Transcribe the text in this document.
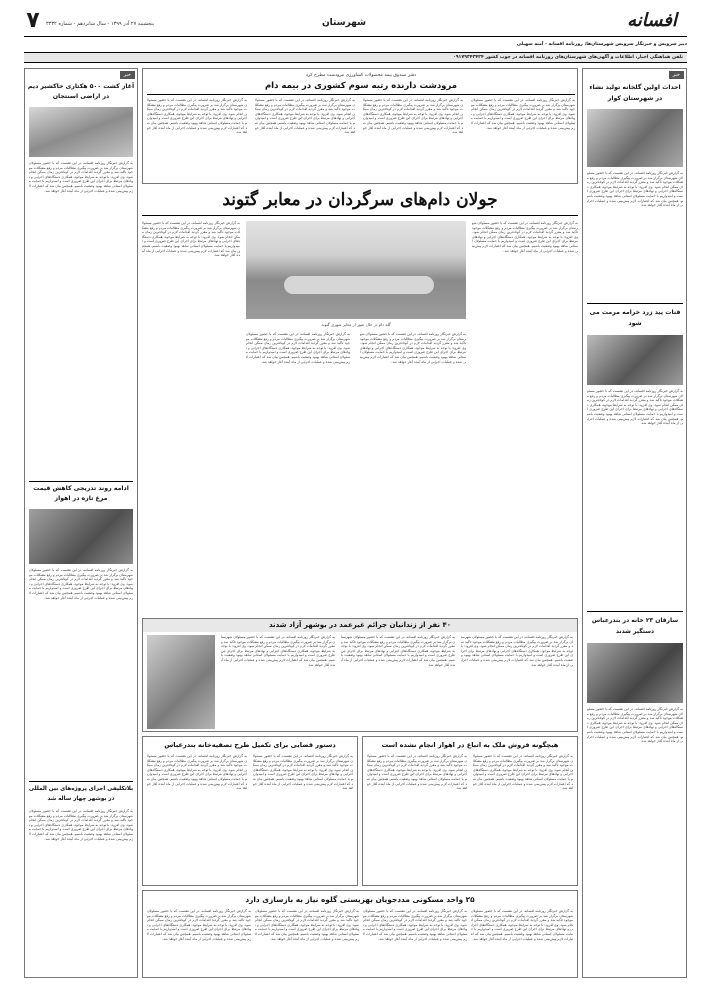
۷	پنجشنبه ۲۷ آذر ۱۳۹۹ - سال شانزدهم - شماره ۳۳۳۲	شهرستان	افسانه
دبیر سرویس و خبرنگار سرویس شهرستان‌ها: روزنامه افسانه - آمنه سهیلی
تلفن هماهنگی اخبار، اطلاعات و آگهی‌های شهرستان‌های روزنامه افسانه در چوب کشور ۰۹۱۷۹۳۴۳۴۲۴
خبر
آغاز کشت ۵۰۰ هکتاری خاکشیر دیم در اراضی اسنتجان
به گزارش خبرنگار روزنامه افسانه، در این نشست که با حضور مسئولان شهرستان برگزار شد بر ضرورت پیگیری مطالبات مردم و رفع مشکلات موجود تاکید شد و مقرر گردید اقدامات لازم در کوتاه‌ترین زمان ممکن انجام شود. وی افزود: با توجه به شرایط موجود، همکاری دستگاه‌های اجرایی و نهادهای مرتبط برای اجرای این طرح ضروری است و امیدواریم با حمایت مسئولان استانی شاهد بهبود وضعیت باشیم. همچنین بیان شد که اعتبارات لازم پیش‌بینی شده و عملیات اجرایی از ماه آینده آغاز خواهد شد.
ادامه روند تدریجی کاهش قیمت مرغ تازه در اهواز
به گزارش خبرنگار روزنامه افسانه، در این نشست که با حضور مسئولان شهرستان برگزار شد بر ضرورت پیگیری مطالبات مردم و رفع مشکلات موجود تاکید شد و مقرر گردید اقدامات لازم در کوتاه‌ترین زمان ممکن انجام شود. وی افزود: با توجه به شرایط موجود، همکاری دستگاه‌های اجرایی و نهادهای مرتبط برای اجرای این طرح ضروری است و امیدواریم با حمایت مسئولان استانی شاهد بهبود وضعیت باشیم. همچنین بیان شد که اعتبارات لازم پیش‌بینی شده و عملیات اجرایی از ماه آینده آغاز خواهد شد.
بلاتکلیفی اجرای پروژه‌های بین المللی در بوشهر چهار ساله شد
به گزارش خبرنگار روزنامه افسانه، در این نشست که با حضور مسئولان شهرستان برگزار شد بر ضرورت پیگیری مطالبات مردم و رفع مشکلات موجود تاکید شد و مقرر گردید اقدامات لازم در کوتاه‌ترین زمان ممکن انجام شود. وی افزود: با توجه به شرایط موجود، همکاری دستگاه‌های اجرایی و نهادهای مرتبط برای اجرای این طرح ضروری است و امیدواریم با حمایت مسئولان استانی شاهد بهبود وضعیت باشیم. همچنین بیان شد که اعتبارات لازم پیش‌بینی شده و عملیات اجرایی از ماه آینده آغاز خواهد شد.
خبر
احداث اولین گلخانه تولید نشاء در شهرستان کوار
به گزارش خبرنگار روزنامه افسانه، در این نشست که با حضور مسئولان شهرستان برگزار شد بر ضرورت پیگیری مطالبات مردم و رفع مشکلات موجود تاکید شد و مقرر گردید اقدامات لازم در کوتاه‌ترین زمان ممکن انجام شود. وی افزود: با توجه به شرایط موجود، همکاری دستگاه‌های اجرایی و نهادهای مرتبط برای اجرای این طرح ضروری است و امیدواریم با حمایت مسئولان استانی شاهد بهبود وضعیت باشیم. همچنین بیان شد که اعتبارات لازم پیش‌بینی شده و عملیات اجرایی از ماه آینده آغاز خواهد شد.
قنات پید زرد خرامه مرمت می شود
به گزارش خبرنگار روزنامه افسانه، در این نشست که با حضور مسئولان شهرستان برگزار شد بر ضرورت پیگیری مطالبات مردم و رفع مشکلات موجود تاکید شد و مقرر گردید اقدامات لازم در کوتاه‌ترین زمان ممکن انجام شود. وی افزود: با توجه به شرایط موجود، همکاری دستگاه‌های اجرایی و نهادهای مرتبط برای اجرای این طرح ضروری است و امیدواریم با حمایت مسئولان استانی شاهد بهبود وضعیت باشیم. همچنین بیان شد که اعتبارات لازم پیش‌بینی شده و عملیات اجرایی از ماه آینده آغاز خواهد شد.
سارقان ۲۳ خانه در بندرعباس دستگیر شدند
به گزارش خبرنگار روزنامه افسانه، در این نشست که با حضور مسئولان شهرستان برگزار شد بر ضرورت پیگیری مطالبات مردم و رفع مشکلات موجود تاکید شد و مقرر گردید اقدامات لازم در کوتاه‌ترین زمان ممکن انجام شود. وی افزود: با توجه به شرایط موجود، همکاری دستگاه‌های اجرایی و نهادهای مرتبط برای اجرای این طرح ضروری است و امیدواریم با حمایت مسئولان استانی شاهد بهبود وضعیت باشیم. همچنین بیان شد که اعتبارات لازم پیش‌بینی شده و عملیات اجرایی از ماه آینده آغاز خواهد شد.
دفتر صندوق بیمه محصولات کشاورزی مرودشت مطرح کرد
مرودشت دارنده رتبه سوم کشوری در بیمه دام
به گزارش خبرنگار روزنامه افسانه، در این نشست که با حضور مسئولان شهرستان برگزار شد بر ضرورت پیگیری مطالبات مردم و رفع مشکلات موجود تاکید شد و مقرر گردید اقدامات لازم در کوتاه‌ترین زمان ممکن انجام شود. وی افزود: با توجه به شرایط موجود، همکاری دستگاه‌های اجرایی و نهادهای مرتبط برای اجرای این طرح ضروری است و امیدواریم با حمایت مسئولان استانی شاهد بهبود وضعیت باشیم. همچنین بیان شد که اعتبارات لازم پیش‌بینی شده و عملیات اجرایی از ماه آینده آغاز خواهد شد.
به گزارش خبرنگار روزنامه افسانه، در این نشست که با حضور مسئولان شهرستان برگزار شد بر ضرورت پیگیری مطالبات مردم و رفع مشکلات موجود تاکید شد و مقرر گردید اقدامات لازم در کوتاه‌ترین زمان ممکن انجام شود. وی افزود: با توجه به شرایط موجود، همکاری دستگاه‌های اجرایی و نهادهای مرتبط برای اجرای این طرح ضروری است و امیدواریم با حمایت مسئولان استانی شاهد بهبود وضعیت باشیم. همچنین بیان شد که اعتبارات لازم پیش‌بینی شده و عملیات اجرایی از ماه آینده آغاز خواهد شد.
به گزارش خبرنگار روزنامه افسانه، در این نشست که با حضور مسئولان شهرستان برگزار شد بر ضرورت پیگیری مطالبات مردم و رفع مشکلات موجود تاکید شد و مقرر گردید اقدامات لازم در کوتاه‌ترین زمان ممکن انجام شود. وی افزود: با توجه به شرایط موجود، همکاری دستگاه‌های اجرایی و نهادهای مرتبط برای اجرای این طرح ضروری است و امیدواریم با حمایت مسئولان استانی شاهد بهبود وضعیت باشیم. همچنین بیان شد که اعتبارات لازم پیش‌بینی شده و عملیات اجرایی از ماه آینده آغاز خواهد شد.
به گزارش خبرنگار روزنامه افسانه، در این نشست که با حضور مسئولان شهرستان برگزار شد بر ضرورت پیگیری مطالبات مردم و رفع مشکلات موجود تاکید شد و مقرر گردید اقدامات لازم در کوتاه‌ترین زمان ممکن انجام شود. وی افزود: با توجه به شرایط موجود، همکاری دستگاه‌های اجرایی و نهادهای مرتبط برای اجرای این طرح ضروری است و امیدواریم با حمایت مسئولان استانی شاهد بهبود وضعیت باشیم. همچنین بیان شد که اعتبارات لازم پیش‌بینی شده و عملیات اجرایی از ماه آینده آغاز خواهد شد.
جولان دام‌های سرگردان در معابر گتوند
گله دام در حال عبور از معابر شهری گتوند
به گزارش خبرنگار روزنامه افسانه، در این نشست که با حضور مسئولان شهرستان برگزار شد بر ضرورت پیگیری مطالبات مردم و رفع مشکلات موجود تاکید شد و مقرر گردید اقدامات لازم در کوتاه‌ترین زمان ممکن انجام شود. وی افزود: با توجه به شرایط موجود، همکاری دستگاه‌های اجرایی و نهادهای مرتبط برای اجرای این طرح ضروری است و امیدواریم با حمایت مسئولان استانی شاهد بهبود وضعیت باشیم. همچنین بیان شد که اعتبارات لازم پیش‌بینی شده و عملیات اجرایی از ماه آینده آغاز خواهد شد.
به گزارش خبرنگار روزنامه افسانه، در این نشست که با حضور مسئولان شهرستان برگزار شد بر ضرورت پیگیری مطالبات مردم و رفع مشکلات موجود تاکید شد و مقرر گردید اقدامات لازم در کوتاه‌ترین زمان ممکن انجام شود. وی افزود: با توجه به شرایط موجود، همکاری دستگاه‌های اجرایی و نهادهای مرتبط برای اجرای این طرح ضروری است و امیدواریم با حمایت مسئولان استانی شاهد بهبود وضعیت باشیم. همچنین بیان شد که اعتبارات لازم پیش‌بینی شده و عملیات اجرایی از ماه آینده آغاز خواهد شد.
به گزارش خبرنگار روزنامه افسانه، در این نشست که با حضور مسئولان شهرستان برگزار شد بر ضرورت پیگیری مطالبات مردم و رفع مشکلات موجود تاکید شد و مقرر گردید اقدامات لازم در کوتاه‌ترین زمان ممکن انجام شود. وی افزود: با توجه به شرایط موجود، همکاری دستگاه‌های اجرایی و نهادهای مرتبط برای اجرای این طرح ضروری است و امیدواریم با حمایت مسئولان استانی شاهد بهبود وضعیت باشیم. همچنین بیان شد که اعتبارات لازم پیش‌بینی شده و عملیات اجرایی از ماه آینده آغاز خواهد شد.
به گزارش خبرنگار روزنامه افسانه، در این نشست که با حضور مسئولان شهرستان برگزار شد بر ضرورت پیگیری مطالبات مردم و رفع مشکلات موجود تاکید شد و مقرر گردید اقدامات لازم در کوتاه‌ترین زمان ممکن انجام شود. وی افزود: با توجه به شرایط موجود، همکاری دستگاه‌های اجرایی و نهادهای مرتبط برای اجرای این طرح ضروری است و امیدواریم با حمایت مسئولان استانی شاهد بهبود وضعیت باشیم. همچنین بیان شد که اعتبارات لازم پیش‌بینی شده و عملیات اجرایی از ماه آینده آغاز خواهد شد.
۴۰ نفر از زندانیان جرائم غیرعمد در بوشهر آزاد شدند
به گزارش خبرنگار روزنامه افسانه، در این نشست که با حضور مسئولان شهرستان برگزار شد بر ضرورت پیگیری مطالبات مردم و رفع مشکلات موجود تاکید شد و مقرر گردید اقدامات لازم در کوتاه‌ترین زمان ممکن انجام شود. وی افزود: با توجه به شرایط موجود، همکاری دستگاه‌های اجرایی و نهادهای مرتبط برای اجرای این طرح ضروری است و امیدواریم با حمایت مسئولان استانی شاهد بهبود وضعیت باشیم. همچنین بیان شد که اعتبارات لازم پیش‌بینی شده و عملیات اجرایی از ماه آینده آغاز خواهد شد.
به گزارش خبرنگار روزنامه افسانه، در این نشست که با حضور مسئولان شهرستان برگزار شد بر ضرورت پیگیری مطالبات مردم و رفع مشکلات موجود تاکید شد و مقرر گردید اقدامات لازم در کوتاه‌ترین زمان ممکن انجام شود. وی افزود: با توجه به شرایط موجود، همکاری دستگاه‌های اجرایی و نهادهای مرتبط برای اجرای این طرح ضروری است و امیدواریم با حمایت مسئولان استانی شاهد بهبود وضعیت باشیم. همچنین بیان شد که اعتبارات لازم پیش‌بینی شده و عملیات اجرایی از ماه آینده آغاز خواهد شد.
به گزارش خبرنگار روزنامه افسانه، در این نشست که با حضور مسئولان شهرستان برگزار شد بر ضرورت پیگیری مطالبات مردم و رفع مشکلات موجود تاکید شد و مقرر گردید اقدامات لازم در کوتاه‌ترین زمان ممکن انجام شود. وی افزود: با توجه به شرایط موجود، همکاری دستگاه‌های اجرایی و نهادهای مرتبط برای اجرای این طرح ضروری است و امیدواریم با حمایت مسئولان استانی شاهد بهبود وضعیت باشیم. همچنین بیان شد که اعتبارات لازم پیش‌بینی شده و عملیات اجرایی از ماه آینده آغاز خواهد شد.
هیچگونه فروش ملک به اتباع در اهواز انجام نشده است
به گزارش خبرنگار روزنامه افسانه، در این نشست که با حضور مسئولان شهرستان برگزار شد بر ضرورت پیگیری مطالبات مردم و رفع مشکلات موجود تاکید شد و مقرر گردید اقدامات لازم در کوتاه‌ترین زمان ممکن انجام شود. وی افزود: با توجه به شرایط موجود، همکاری دستگاه‌های اجرایی و نهادهای مرتبط برای اجرای این طرح ضروری است و امیدواریم با حمایت مسئولان استانی شاهد بهبود وضعیت باشیم. همچنین بیان شد که اعتبارات لازم پیش‌بینی شده و عملیات اجرایی از ماه آینده آغاز خواهد شد.
به گزارش خبرنگار روزنامه افسانه، در این نشست که با حضور مسئولان شهرستان برگزار شد بر ضرورت پیگیری مطالبات مردم و رفع مشکلات موجود تاکید شد و مقرر گردید اقدامات لازم در کوتاه‌ترین زمان ممکن انجام شود. وی افزود: با توجه به شرایط موجود، همکاری دستگاه‌های اجرایی و نهادهای مرتبط برای اجرای این طرح ضروری است و امیدواریم با حمایت مسئولان استانی شاهد بهبود وضعیت باشیم. همچنین بیان شد که اعتبارات لازم پیش‌بینی شده و عملیات اجرایی از ماه آینده آغاز خواهد شد.
دستور قضایی برای تکمیل طرح تصفیه‌خانه بندرعباس
به گزارش خبرنگار روزنامه افسانه، در این نشست که با حضور مسئولان شهرستان برگزار شد بر ضرورت پیگیری مطالبات مردم و رفع مشکلات موجود تاکید شد و مقرر گردید اقدامات لازم در کوتاه‌ترین زمان ممکن انجام شود. وی افزود: با توجه به شرایط موجود، همکاری دستگاه‌های اجرایی و نهادهای مرتبط برای اجرای این طرح ضروری است و امیدواریم با حمایت مسئولان استانی شاهد بهبود وضعیت باشیم. همچنین بیان شد که اعتبارات لازم پیش‌بینی شده و عملیات اجرایی از ماه آینده آغاز خواهد شد.
به گزارش خبرنگار روزنامه افسانه، در این نشست که با حضور مسئولان شهرستان برگزار شد بر ضرورت پیگیری مطالبات مردم و رفع مشکلات موجود تاکید شد و مقرر گردید اقدامات لازم در کوتاه‌ترین زمان ممکن انجام شود. وی افزود: با توجه به شرایط موجود، همکاری دستگاه‌های اجرایی و نهادهای مرتبط برای اجرای این طرح ضروری است و امیدواریم با حمایت مسئولان استانی شاهد بهبود وضعیت باشیم. همچنین بیان شد که اعتبارات لازم پیش‌بینی شده و عملیات اجرایی از ماه آینده آغاز خواهد شد.
۲۵ واحد مسکونی مددجویان بهزیستی گلوه نیاز به بازسازی دارد
به گزارش خبرنگار روزنامه افسانه، در این نشست که با حضور مسئولان شهرستان برگزار شد بر ضرورت پیگیری مطالبات مردم و رفع مشکلات موجود تاکید شد و مقرر گردید اقدامات لازم در کوتاه‌ترین زمان ممکن انجام شود. وی افزود: با توجه به شرایط موجود، همکاری دستگاه‌های اجرایی و نهادهای مرتبط برای اجرای این طرح ضروری است و امیدواریم با حمایت مسئولان استانی شاهد بهبود وضعیت باشیم. همچنین بیان شد که اعتبارات لازم پیش‌بینی شده و عملیات اجرایی از ماه آینده آغاز خواهد شد.
به گزارش خبرنگار روزنامه افسانه، در این نشست که با حضور مسئولان شهرستان برگزار شد بر ضرورت پیگیری مطالبات مردم و رفع مشکلات موجود تاکید شد و مقرر گردید اقدامات لازم در کوتاه‌ترین زمان ممکن انجام شود. وی افزود: با توجه به شرایط موجود، همکاری دستگاه‌های اجرایی و نهادهای مرتبط برای اجرای این طرح ضروری است و امیدواریم با حمایت مسئولان استانی شاهد بهبود وضعیت باشیم. همچنین بیان شد که اعتبارات لازم پیش‌بینی شده و عملیات اجرایی از ماه آینده آغاز خواهد شد.
به گزارش خبرنگار روزنامه افسانه، در این نشست که با حضور مسئولان شهرستان برگزار شد بر ضرورت پیگیری مطالبات مردم و رفع مشکلات موجود تاکید شد و مقرر گردید اقدامات لازم در کوتاه‌ترین زمان ممکن انجام شود. وی افزود: با توجه به شرایط موجود، همکاری دستگاه‌های اجرایی و نهادهای مرتبط برای اجرای این طرح ضروری است و امیدواریم با حمایت مسئولان استانی شاهد بهبود وضعیت باشیم. همچنین بیان شد که اعتبارات لازم پیش‌بینی شده و عملیات اجرایی از ماه آینده آغاز خواهد شد.
به گزارش خبرنگار روزنامه افسانه، در این نشست که با حضور مسئولان شهرستان برگزار شد بر ضرورت پیگیری مطالبات مردم و رفع مشکلات موجود تاکید شد و مقرر گردید اقدامات لازم در کوتاه‌ترین زمان ممکن انجام شود. وی افزود: با توجه به شرایط موجود، همکاری دستگاه‌های اجرایی و نهادهای مرتبط برای اجرای این طرح ضروری است و امیدواریم با حمایت مسئولان استانی شاهد بهبود وضعیت باشیم. همچنین بیان شد که اعتبارات لازم پیش‌بینی شده و عملیات اجرایی از ماه آینده آغاز خواهد شد.
